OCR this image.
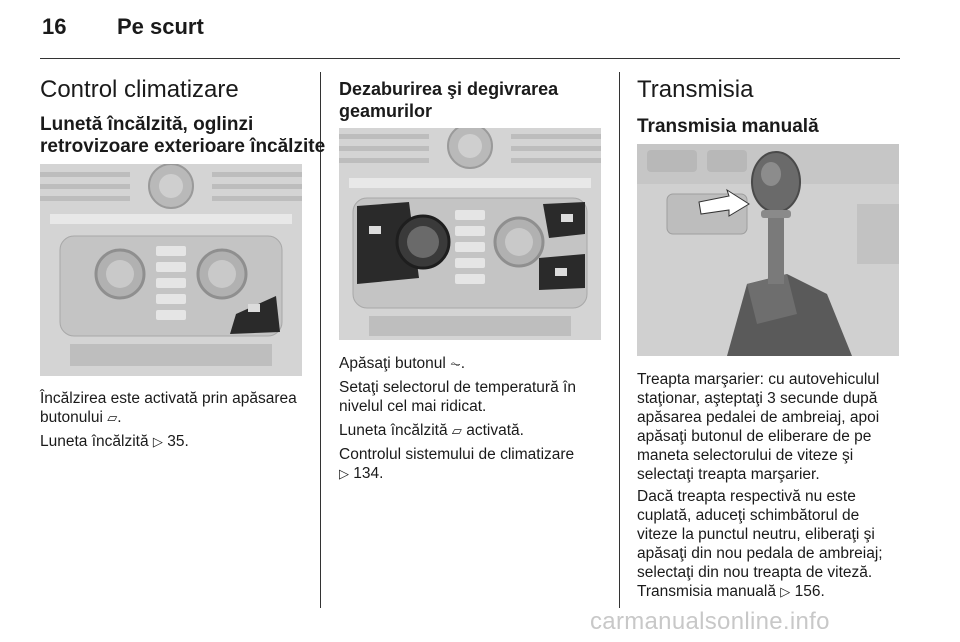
16 Pe scurt
Control climatizare
Lunetă încălzită, oglinzi
retrovizoare exterioare încălzite
Încălzirea este activată prin apăsarea
butonului ⏥.
Luneta încălzită ▷ 35.
Dezaburirea şi degivrarea
geamurilor
Apăsaţi butonul ⏦.
Setaţi selectorul de temperatură în
nivelul cel mai ridicat.
Luneta încălzită ⏥ activată.
Controlul sistemului de climatizare
▷ 134.
Transmisia
Transmisia manuală
Treapta marşarier: cu autovehiculul
staţionar, aşteptaţi 3 secunde după
apăsarea pedalei de ambreiaj, apoi
apăsaţi butonul de eliberare de pe
maneta selectorului de viteze şi
selectaţi treapta marşarier.
Dacă treapta respectivă nu este
cuplată, aduceţi schimbătorul de
viteze la punctul neutru, eliberaţi şi
apăsaţi din nou pedala de ambreiaj;
selectaţi din nou treapta de viteză.
Transmisia manuală ▷ 156.
carmanualsonline.info
